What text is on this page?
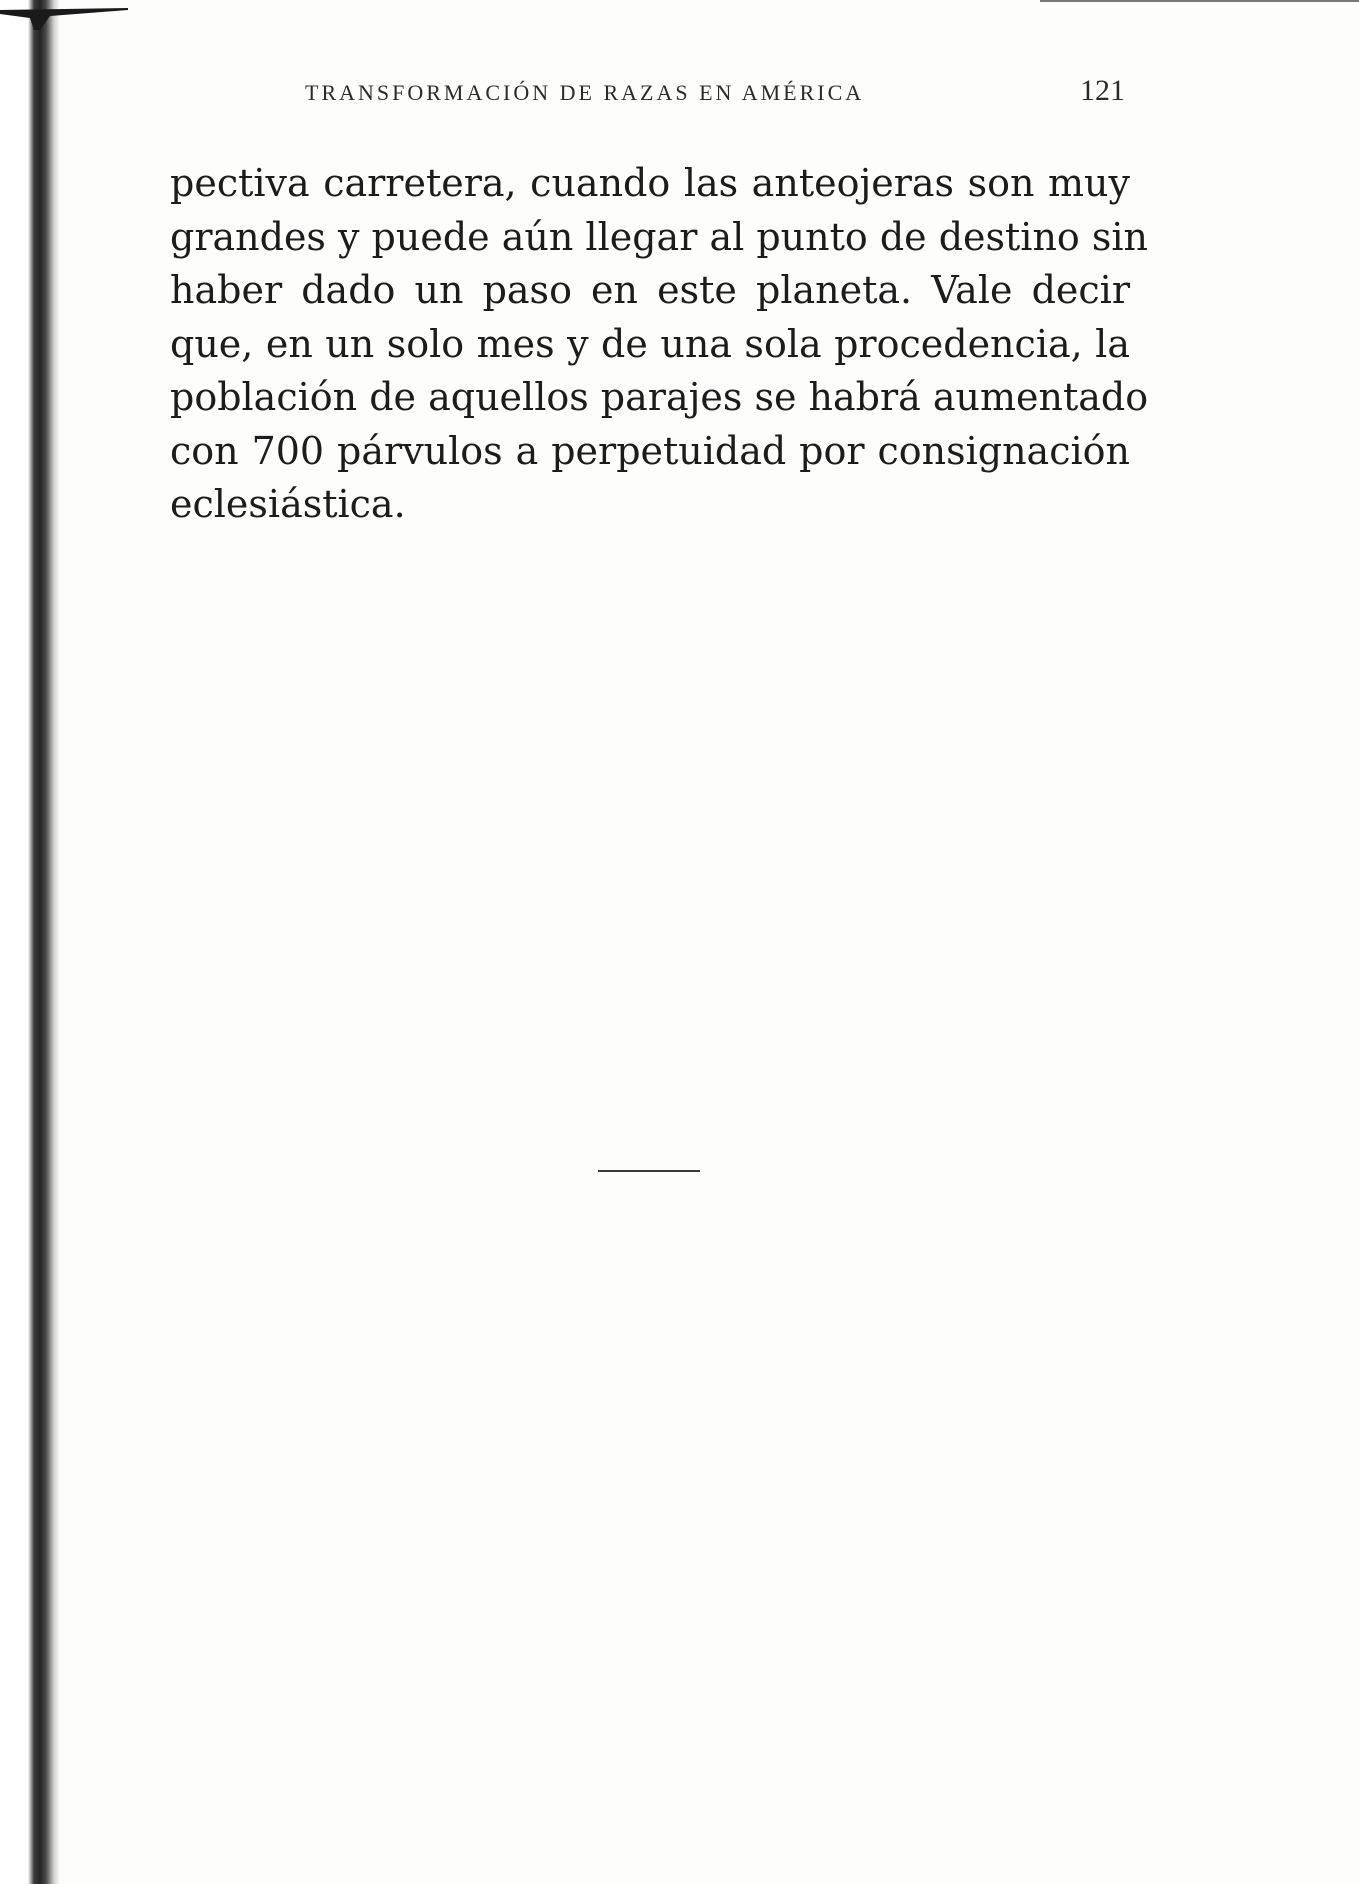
TRANSFORMACIÓN DE RAZAS EN AMÉRICA	121
pectiva carretera, cuando las anteojeras son muy
grandes y puede aún llegar al punto de destino sin
haber dado un paso en este planeta. Vale decir
que, en un solo mes y de una sola procedencia, la
población de aquellos parajes se habrá aumentado
con 700 párvulos a perpetuidad por consignación
eclesiástica.
